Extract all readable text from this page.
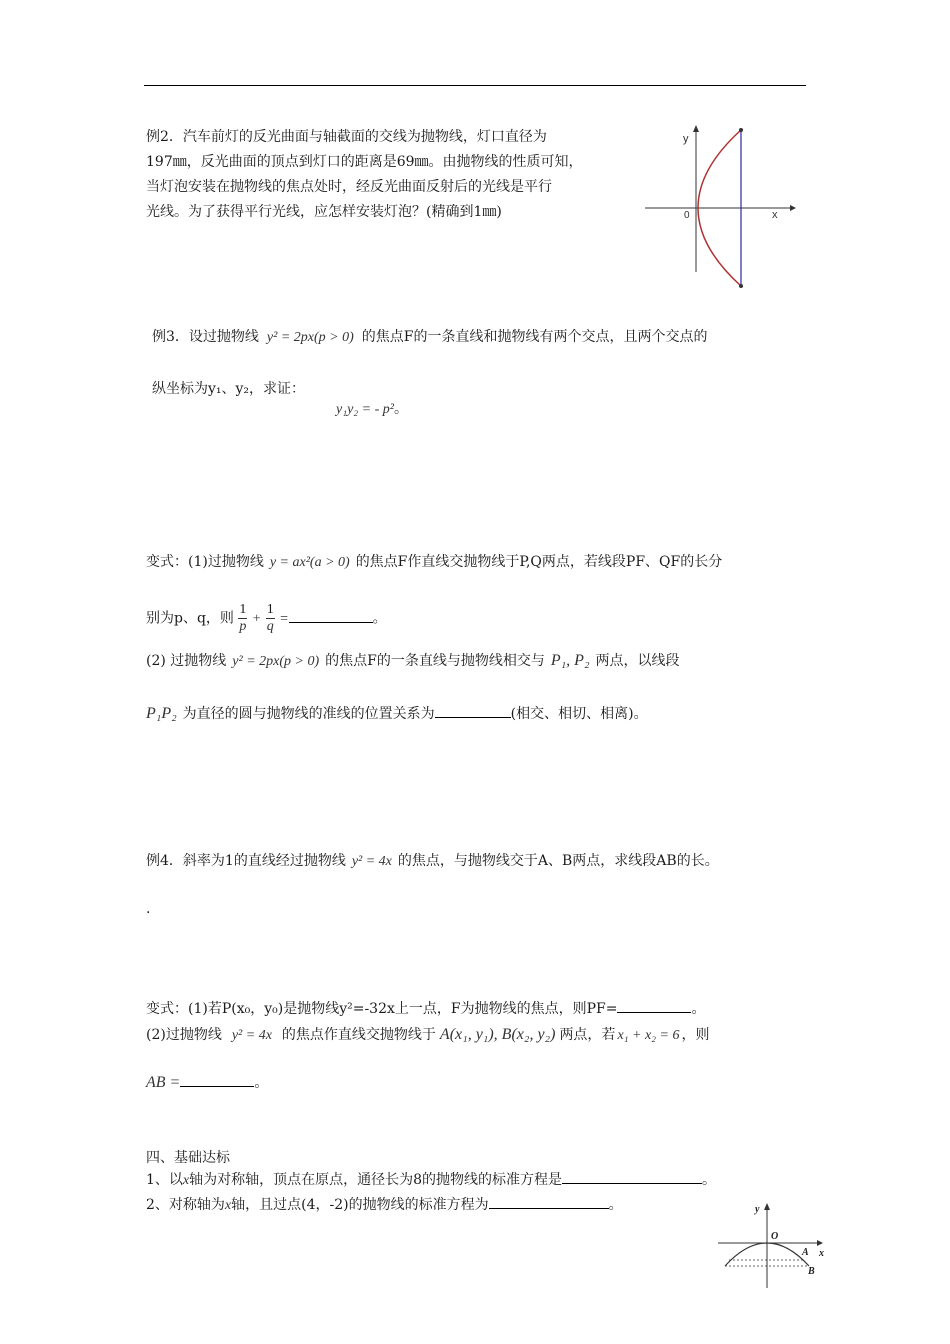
例2．汽车前灯的反光曲面与轴截面的交线为抛物线，灯口直径为
197㎜，反光曲面的顶点到灯口的距离是69㎜。由抛物线的性质可知，
当灯泡安装在抛物线的焦点处时，经反光曲面反射后的光线是平行
光线。为了获得平行光线，应怎样安装灯泡？(精确到1㎜)
y
x
0
例3．设过抛物线 y² = 2px(p > 0) 的焦点F的一条直线和抛物线有两个交点，且两个交点的
纵坐标为y₁、y₂，求证：
y₁y₂ = - p²。
变式：(1)过抛物线 y = ax²(a > 0) 的焦点F作直线交抛物线于P,Q两点，若线段PF、QF的长分
别为p、q，则 $\frac{1}{p} + \frac{1}{q}$ =	。
(2) 过抛物线 y² = 2px(p > 0) 的焦点F的一条直线与抛物线相交与 P₁, P₂ 两点，以线段
P₁P₂ 为直径的圆与抛物线的准线的位置关系为	(相交、相切、相离)。
例4．斜率为1的直线经过抛物线 y² = 4x 的焦点，与抛物线交于A、B两点，求线段AB的长。
.
变式：(1)若P(x₀，y₀)是抛物线y²=-32x上一点，F为抛物线的焦点，则PF=	。
(2)过抛物线 y² = 4x 的焦点作直线交抛物线于 A(x₁, y₁), B(x₂, y₂) 两点，若 x₁ + x₂ = 6 ，则
AB =	。
四、基础达标
1、以x轴为对称轴，顶点在原点，通径长为8的抛物线的标准方程是	。
2、对称轴为x轴，且过点(4，-2)的抛物线的标准方程为	。	y
O
x
A
B
